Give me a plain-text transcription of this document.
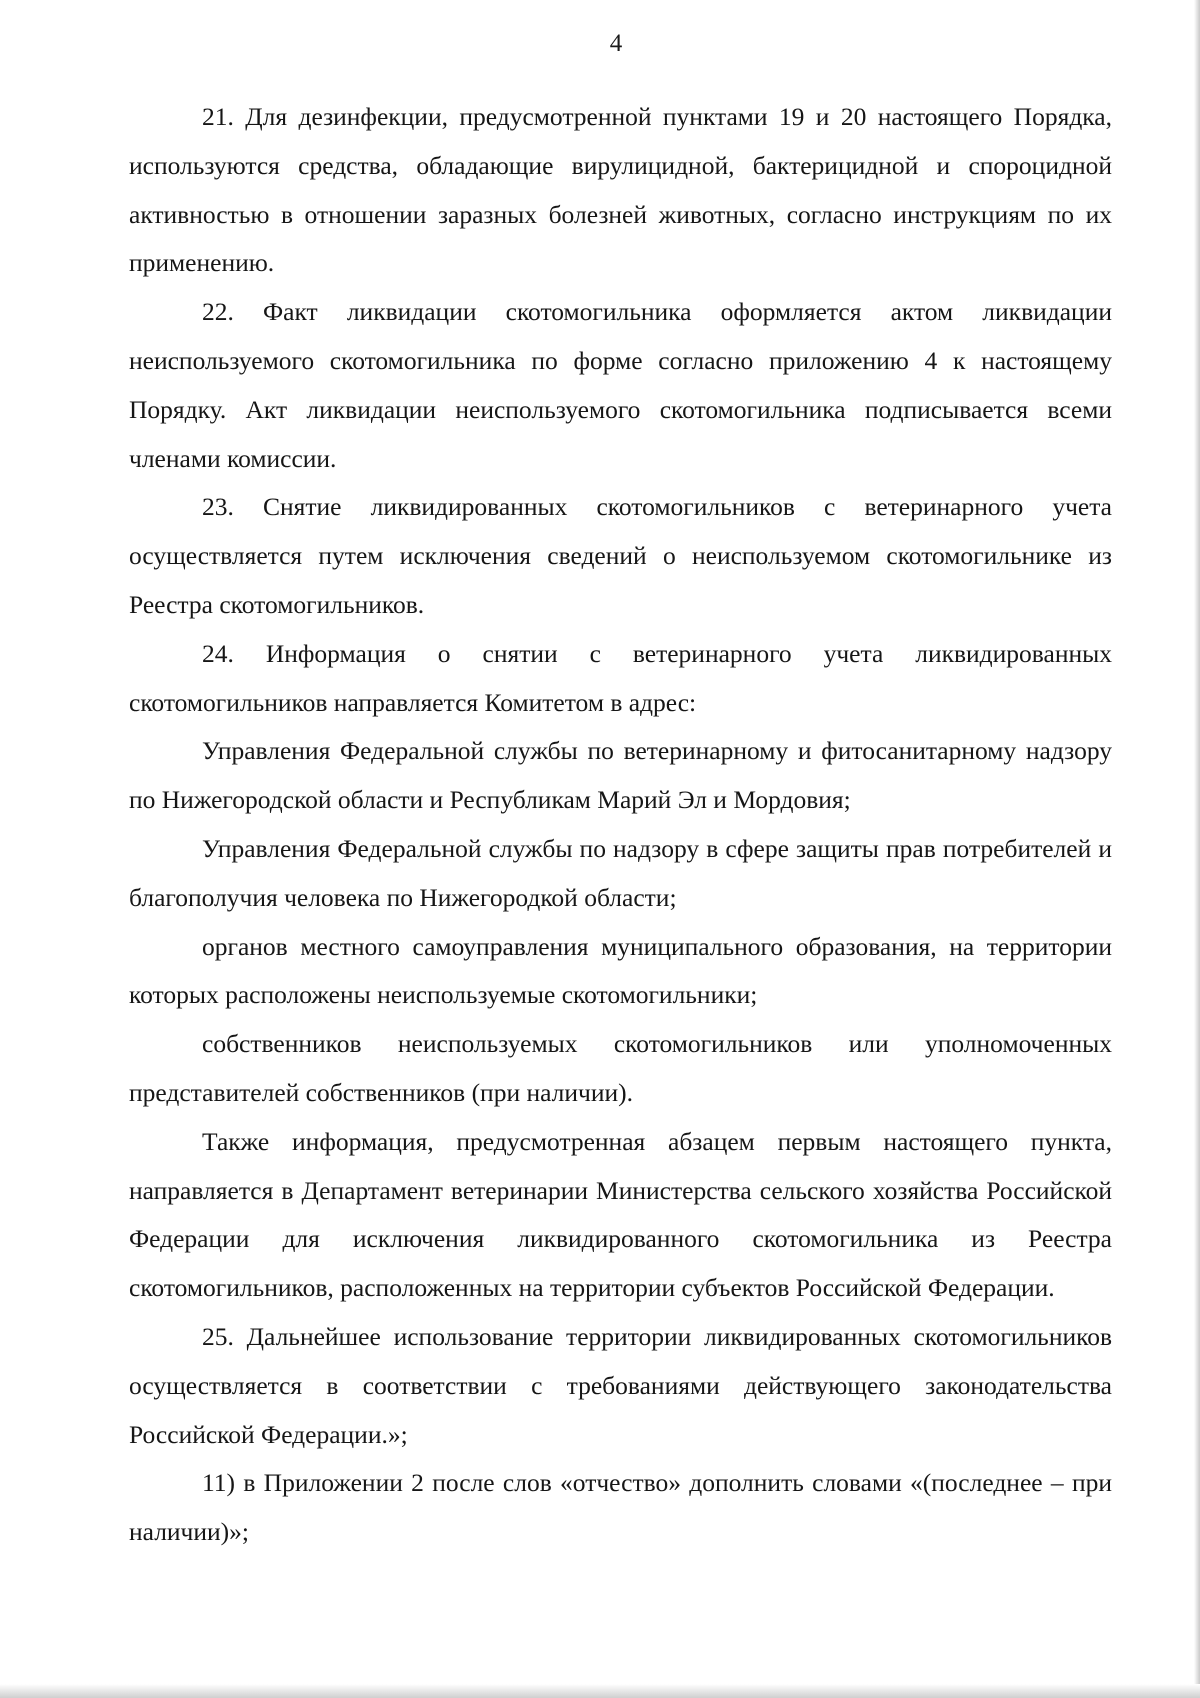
4

21. Для дезинфекции, предусмотренной пунктами 19 и 20 настоящего Порядка, используются средства, обладающие вирулицидной, бактерицидной и спороцидной активностью в отношении заразных болезней животных, согласно инструкциям по их применению.

22. Факт ликвидации скотомогильника оформляется актом ликвидации неиспользуемого скотомогильника по форме согласно приложению 4 к настоящему Порядку. Акт ликвидации неиспользуемого скотомогильника подписывается всеми членами комиссии.

23. Снятие ликвидированных скотомогильников с ветеринарного учета осуществляется путем исключения сведений о неиспользуемом скотомогильнике из Реестра скотомогильников.

24. Информация о снятии с ветеринарного учета ликвидированных скотомогильников направляется Комитетом в адрес:

Управления Федеральной службы по ветеринарному и фитосанитарному надзору по Нижегородской области и Республикам Марий Эл и Мордовия;

Управления Федеральной службы по надзору в сфере защиты прав потребителей и благополучия человека по Нижегородкой области;

органов местного самоуправления муниципального образования, на территории которых расположены неиспользуемые скотомогильники;

собственников неиспользуемых скотомогильников или уполномоченных представителей собственников (при наличии).

Также информация, предусмотренная абзацем первым настоящего пункта, направляется в Департамент ветеринарии Министерства сельского хозяйства Российской Федерации для исключения ликвидированного скотомогильника из Реестра скотомогильников, расположенных на территории субъектов Российской Федерации.

25. Дальнейшее использование территории ликвидированных скотомогильников осуществляется в соответствии с требованиями действующего законодательства Российской Федерации.»;

11) в Приложении 2 после слов «отчество» дополнить словами «(последнее – при наличии)»;
